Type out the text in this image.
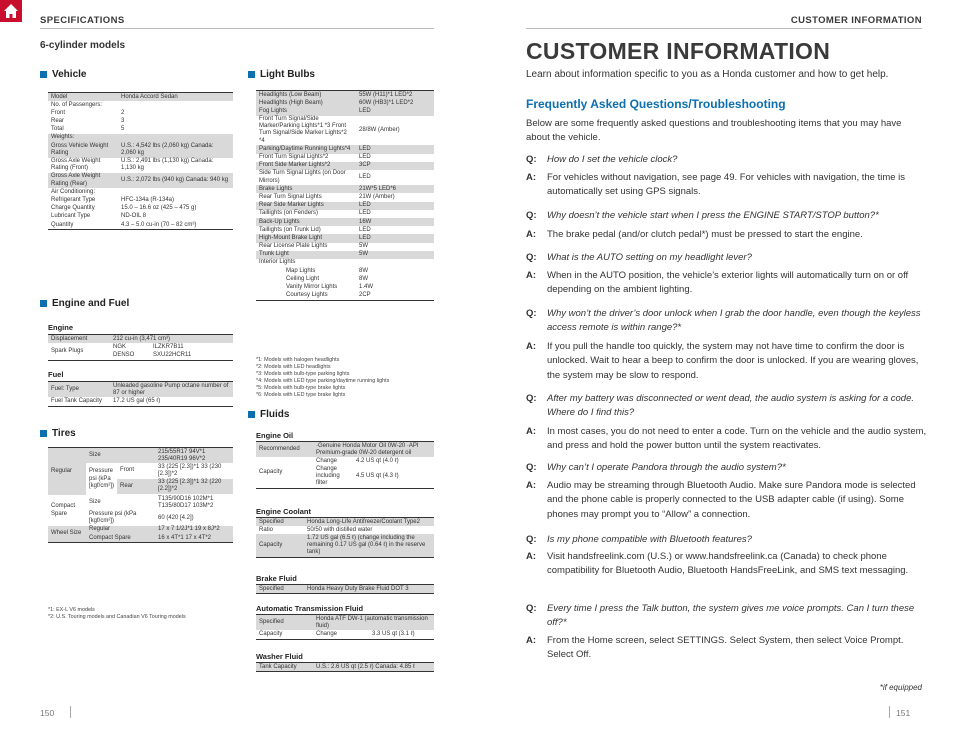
SPECIFICATIONS
6-cylinder models
Vehicle
Model	Honda Accord Sedan
No. of Passengers:	
Front	2
Rear	3
Total	5
Weights:	
Gross Vehicle Weight Rating	U.S.: 4,542 lbs (2,060 kg) Canada: 2,060 kg
Gross Axle Weight Rating (Front)	U.S.: 2,491 lbs (1,130 kg) Canada: 1,130 kg
Gross Axle Weight Rating (Rear)	U.S.: 2,072 lbs (940 kg) Canada: 940 kg
Air Conditioning:	
Refrigerant Type	HFC-134a (R-134a)
Charge Quantity	15.0 – 16.6 oz (425 – 475 g)
Lubricant Type	ND-OIL 8
Quantity	4.3 – 5.0 cu-in (70 – 82 cm³)
Engine and Fuel
Engine
Displacement	212 cu-in (3,471 cm³)	
Spark Plugs	NGK	ILZKR7B11
	DENSO	SXU22HCR11
Fuel
Fuel: Type	Unleaded gasoline Pump octane number of 87 or higher
Fuel Tank Capacity	17.2 US gal (65 ℓ)
Tires
Regular	Size		215/55R17 94V*1 235/40R19 96V*2
	Pressure psi (kPa [kgf/cm²])	Front	33 (225 [2.3])*1 33 (230 [2.3])*2
		Rear	33 (225 [2.3])*1 32 (220 [2.2])*2

Compact Spare	Size		T135/90D16 102M*1 T135/80D17 103M*2
	Pressure psi (kPa [kgf/cm²])		60 (420 [4.2])
Wheel Size	Regular		17 x 7 1/2J*1 19 x 8J*2
	Compact Spare		16 x 4T*1 17 x 4T*2
*1: EX-L V6 models
*2: U.S. Touring models and Canadian V6 Touring models
Light Bulbs
Headlights (Low Beam)	55W (H11)*1 LED*2
Headlights (High Beam)	60W (HB3)*1 LED*2
Fog Lights	LED
Front Turn Signal/Side Marker/Parking Lights*1 *3 Front Turn Signal/Side Marker Lights*2 *4	28/8W (Amber)
Parking/Daytime Running Lights*4	LED
Front Turn Signal Lights*2	LED
Front Side Marker Lights*2	3CP
Side Turn Signal Lights (on Door Mirrors)	LED
Brake Lights	21W*5 LED*6
Rear Turn Signal Lights	21W (Amber)
Rear Side Marker Lights	LED
Taillights (on Fenders)	LED
Back-Up Lights	16W
Taillights (on Trunk Lid)	LED
High-Mount Brake Light	LED
Rear License Plate Lights	5W
Trunk Light	5W
Interior Lights	
Map Lights	8W
Ceiling Light	8W
Vanity Mirror Lights	1.4W
Courtesy Lights	2CP
*1: Models with halogen headlights
*2: Models with LED headlights
*3: Models with bulb-type parking lights
*4: Models with LED type parking/daytime running lights
*5: Models with bulb-type brake lights
*6: Models with LED type brake lights
Fluids
Engine Oil
Recommended	·Genuine Honda Motor Oil 0W-20 ·API Premium-grade 0W-20 detergent oil	
Capacity	Change	4.2 US qt (4.0 ℓ)
	Change including filter	4.5 US qt (4.3 ℓ)
Engine Coolant
Specified	Honda Long-Life Antifreeze/Coolant Type2
Ratio	50/50 with distilled water
Capacity	1.72 US gal (6.5 ℓ) (change including the remaining 0.17 US gal (0.64 ℓ) in the reserve tank)
Brake Fluid
Specified	Honda Heavy Duty Brake Fluid DOT 3
Automatic Transmission Fluid
Specified	Honda ATF DW-1 (automatic transmission fluid)	
Capacity	Change	3.3 US qt (3.1 ℓ)
Washer Fluid
Tank Capacity	U.S.: 2.6 US qt (2.5 ℓ) Canada: 4.85 ℓ
150
CUSTOMER INFORMATION
CUSTOMER INFORMATION
Learn about information specific to you as a Honda customer and how to get help.
Frequently Asked Questions/Troubleshooting
Below are some frequently asked questions and troubleshooting items that you may have about the vehicle.
Q:	How do I set the vehicle clock?
A:	For vehicles without navigation, see page 49. For vehicles with navigation, the time is automatically set using GPS signals.
Q:	Why doesn’t the vehicle start when I press the ENGINE START/STOP button?*
A:	The brake pedal (and/or clutch pedal*) must be pressed to start the engine.
Q:	What is the AUTO setting on my headlight lever?
A:	When in the AUTO position, the vehicle’s exterior lights will automatically turn on or off depending on the ambient lighting.
Q:	Why won’t the driver’s door unlock when I grab the door handle, even though the keyless access remote is within range?*
A:	If you pull the handle too quickly, the system may not have time to confirm the door is unlocked. Wait to hear a beep to confirm the door is unlocked. If you are wearing gloves, the system may be slow to respond.
Q:	After my battery was disconnected or went dead, the audio system is asking for a code. Where do I find this?
A:	In most cases, you do not need to enter a code. Turn on the vehicle and the audio system, and press and hold the power button until the system reactivates.
Q:	Why can’t I operate Pandora through the audio system?*
A:	Audio may be streaming through Bluetooth Audio. Make sure Pandora mode is selected and the phone cable is properly connected to the USB adapter cable (if using). Some phones may prompt you to “Allow” a connection.
Q:	Is my phone compatible with Bluetooth features?
A:	Visit handsfreelink.com (U.S.) or www.handsfreelink.ca (Canada) to check phone compatibility for Bluetooth Audio, Bluetooth HandsFreeLink, and SMS text messaging.
Q:	Every time I press the Talk button, the system gives me voice prompts. Can I turn these off?*
A:	From the Home screen, select SETTINGS. Select System, then select Voice Prompt. Select Off.
*if equipped
151
